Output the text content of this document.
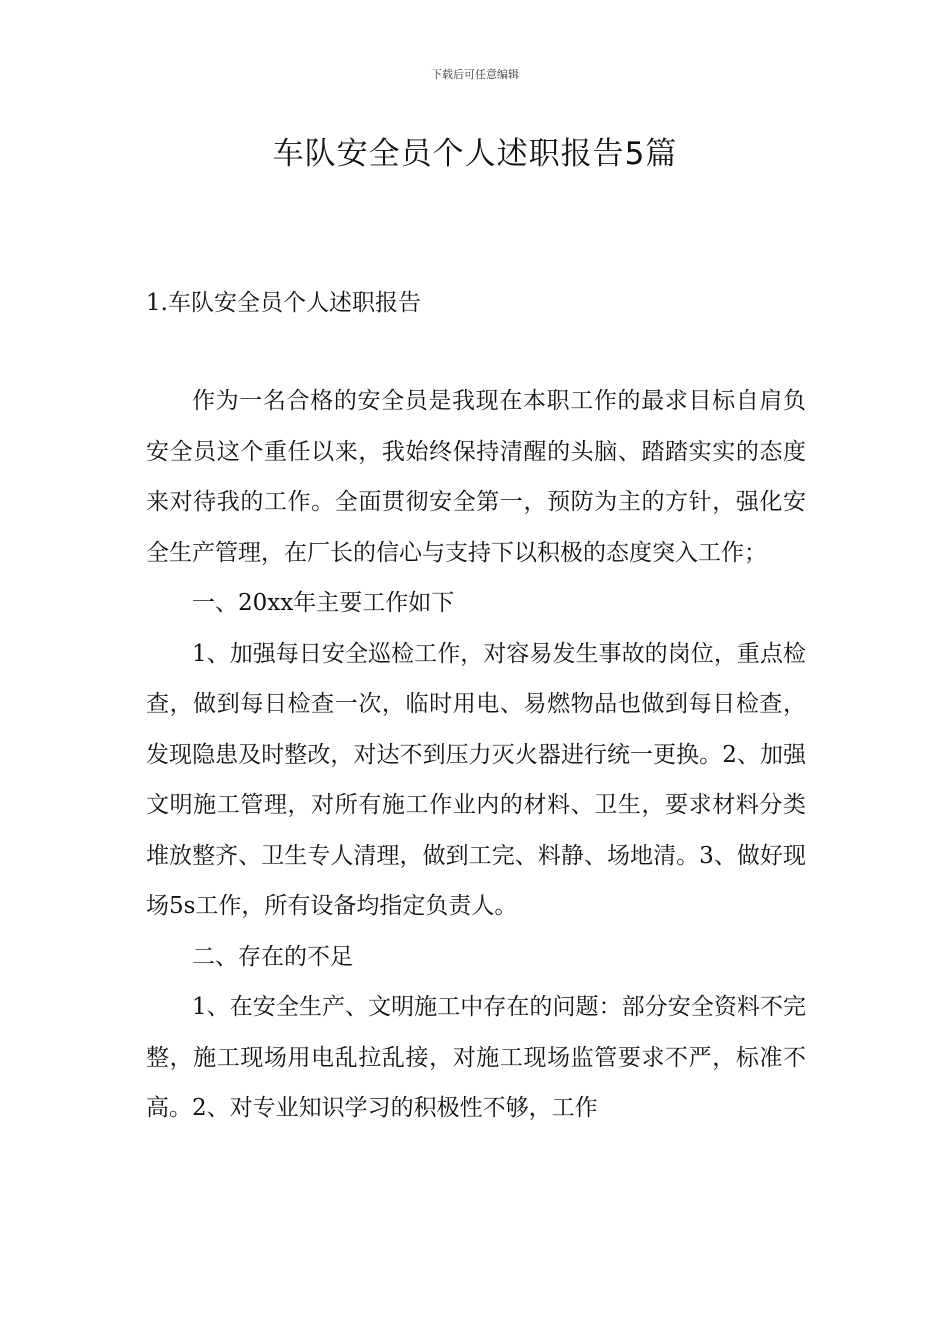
下载后可任意编辑
车队安全员个人述职报告5篇
1.车队安全员个人述职报告

作为一名合格的安全员是我现在本职工作的最求目标自肩负安全员这个重任以来，我始终保持清醒的头脑、踏踏实实的态度来对待我的工作。全面贯彻安全第一，预防为主的方针，强化安全生产管理，在厂长的信心与支持下以积极的态度突入工作；

一、20xx年主要工作如下

1、加强每日安全巡检工作，对容易发生事故的岗位，重点检查，做到每日检查一次，临时用电、易燃物品也做到每日检查，发现隐患及时整改，对达不到压力灭火器进行统一更换。2、加强文明施工管理，对所有施工作业内的材料、卫生，要求材料分类堆放整齐、卫生专人清理，做到工完、料静、场地清。3、做好现场5s工作，所有设备均指定负责人。

二、存在的不足

1、在安全生产、文明施工中存在的问题：部分安全资料不完整，施工现场用电乱拉乱接，对施工现场监管要求不严，标准不高。2、对专业知识学习的积极性不够，工作
